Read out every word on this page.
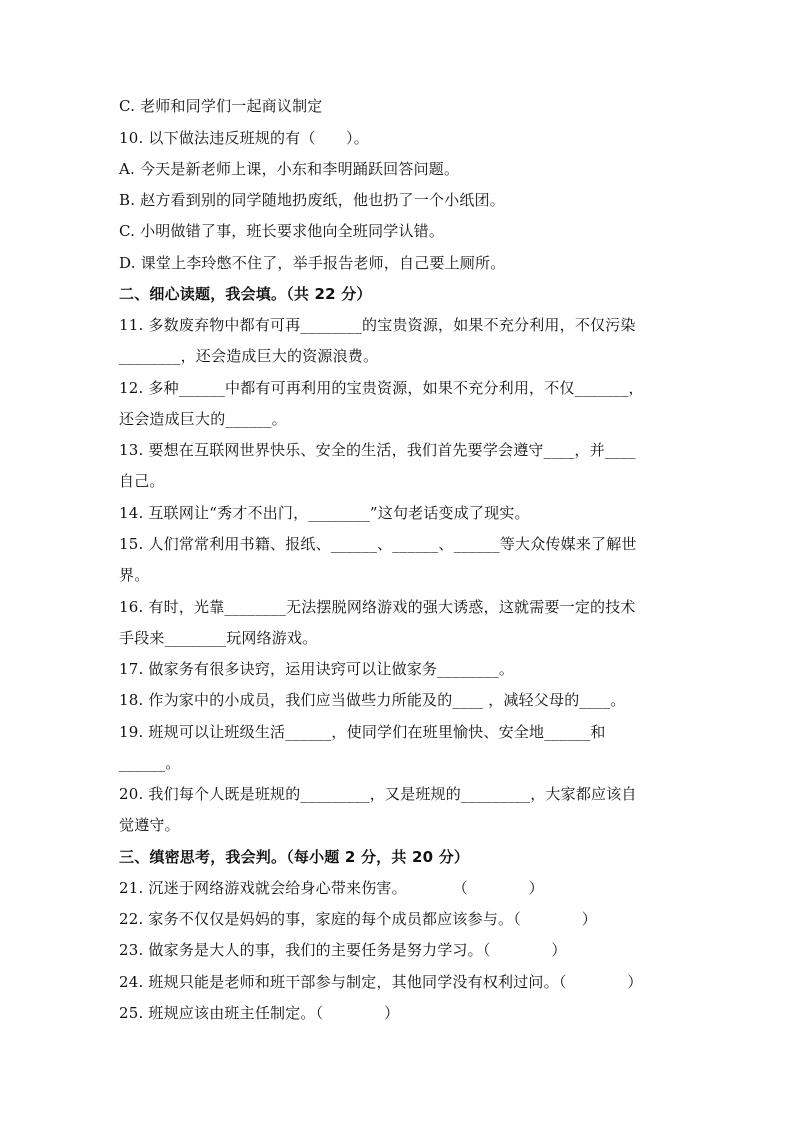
C. 老师和同学们一起商议制定
10. 以下做法违反班规的有（　　）。
A. 今天是新老师上课，小东和李明踊跃回答问题。
B. 赵方看到别的同学随地扔废纸，他也扔了一个小纸团。
C. 小明做错了事，班长要求他向全班同学认错。
D. 课堂上李玲憋不住了，举手报告老师，自己要上厕所。
二、细心读题，我会填。（共 22 分）
11. 多数废弃物中都有可再________的宝贵资源，如果不充分利用，不仅污染
________，还会造成巨大的资源浪费。
12. 多种______中都有可再利用的宝贵资源，如果不充分利用，不仅_______，
还会造成巨大的______。
13. 要想在互联网世界快乐、安全的生活，我们首先要学会遵守____，并____
自己。
14. 互联网让“秀才不出门，________”这句老话变成了现实。
15. 人们常常利用书籍、报纸、______、______、______等大众传媒来了解世
界。
16. 有时，光靠________无法摆脱网络游戏的强大诱惑，这就需要一定的技术
手段来________玩网络游戏。
17. 做家务有很多诀窍，运用诀窍可以让做家务________。
18. 作为家中的小成员，我们应当做些力所能及的____ ，减轻父母的____。
19. 班规可以让班级生活______，使同学们在班里愉快、安全地______和
______。
20. 我们每个人既是班规的_________，又是班规的_________，大家都应该自
觉遵守。
三、缜密思考，我会判。（每小题 2 分，共 20 分）
21. 沉迷于网络游戏就会给身心带来伤害。　　　　（　　　　）
22. 家务不仅仅是妈妈的事，家庭的每个成员都应该参与。（　　　　）
23. 做家务是大人的事，我们的主要任务是努力学习。（　　　　）
24. 班规只能是老师和班干部参与制定，其他同学没有权利过问。（　　　　）
25. 班规应该由班主任制定。（　　　　）
